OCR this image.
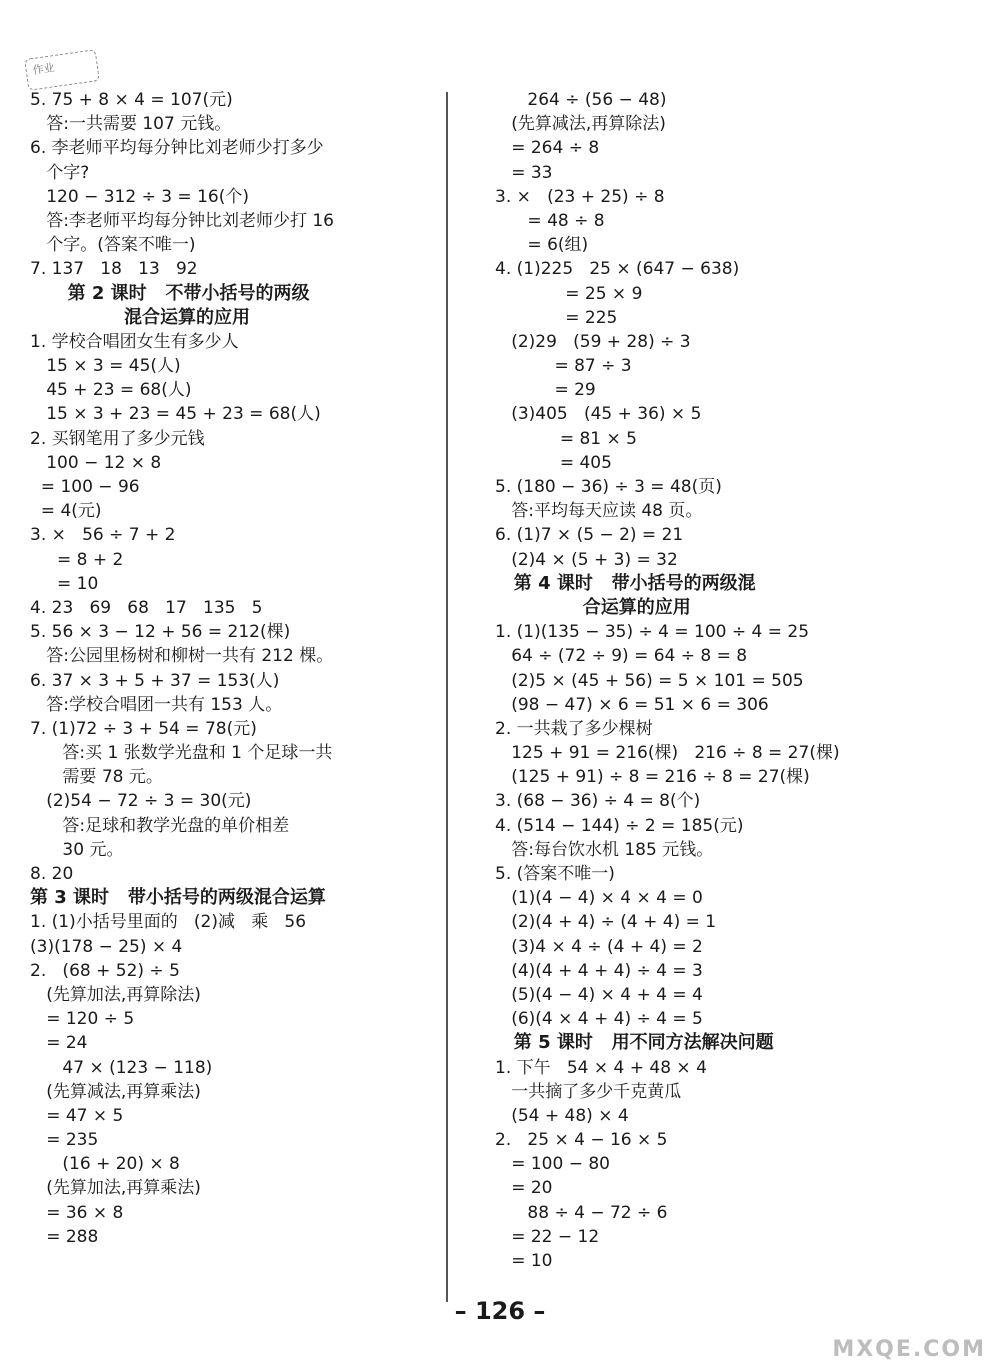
作业
5. 75 + 8 × 4 = 107(元)
答:一共需要 107 元钱。
6. 李老师平均每分钟比刘老师少打多少
个字?
120 − 312 ÷ 3 = 16(个)
答:李老师平均每分钟比刘老师少打 16
个字。(答案不唯一)
7. 137   18   13   92
第 2 课时   不带小括号的两级
混合运算的应用
1. 学校合唱团女生有多少人
15 × 3 = 45(人)
45 + 23 = 68(人)
15 × 3 + 23 = 45 + 23 = 68(人)
2. 买钢笔用了多少元钱
100 − 12 × 8
= 100 − 96
= 4(元)
3. ×   56 ÷ 7 + 2
= 8 + 2
= 10
4. 23   69   68   17   135   5
5. 56 × 3 − 12 + 56 = 212(棵)
答:公园里杨树和柳树一共有 212 棵。
6. 37 × 3 + 5 + 37 = 153(人)
答:学校合唱团一共有 153 人。
7. (1)72 ÷ 3 + 54 = 78(元)
答:买 1 张数学光盘和 1 个足球一共
需要 78 元。
(2)54 − 72 ÷ 3 = 30(元)
答:足球和教学光盘的单价相差
30 元。
8. 20
第 3 课时   带小括号的两级混合运算
1. (1)小括号里面的   (2)减   乘   56
(3)(178 − 25) × 4
2.   (68 + 52) ÷ 5
(先算加法,再算除法)
= 120 ÷ 5
= 24
47 × (123 − 118)
(先算减法,再算乘法)
= 47 × 5
= 235
(16 + 20) × 8
(先算加法,再算乘法)
= 36 × 8
= 288
264 ÷ (56 − 48)
(先算减法,再算除法)
= 264 ÷ 8
= 33
3. ×   (23 + 25) ÷ 8
= 48 ÷ 8
= 6(组)
4. (1)225   25 × (647 − 638)
= 25 × 9
= 225
(2)29   (59 + 28) ÷ 3
= 87 ÷ 3
= 29
(3)405   (45 + 36) × 5
= 81 × 5
= 405
5. (180 − 36) ÷ 3 = 48(页)
答:平均每天应读 48 页。
6. (1)7 × (5 − 2) = 21
(2)4 × (5 + 3) = 32
第 4 课时   带小括号的两级混
合运算的应用
1. (1)(135 − 35) ÷ 4 = 100 ÷ 4 = 25
64 ÷ (72 ÷ 9) = 64 ÷ 8 = 8
(2)5 × (45 + 56) = 5 × 101 = 505
(98 − 47) × 6 = 51 × 6 = 306
2. 一共栽了多少棵树
125 + 91 = 216(棵)   216 ÷ 8 = 27(棵)
(125 + 91) ÷ 8 = 216 ÷ 8 = 27(棵)
3. (68 − 36) ÷ 4 = 8(个)
4. (514 − 144) ÷ 2 = 185(元)
答:每台饮水机 185 元钱。
5. (答案不唯一)
(1)(4 − 4) × 4 × 4 = 0
(2)(4 + 4) ÷ (4 + 4) = 1
(3)4 × 4 ÷ (4 + 4) = 2
(4)(4 + 4 + 4) ÷ 4 = 3
(5)(4 − 4) × 4 + 4 = 4
(6)(4 × 4 + 4) ÷ 4 = 5
第 5 课时   用不同方法解决问题
1. 下午   54 × 4 + 48 × 4
一共摘了多少千克黄瓜
(54 + 48) × 4
2.   25 × 4 − 16 × 5
= 100 − 80
= 20
88 ÷ 4 − 72 ÷ 6
= 22 − 12
= 10
– 126 –
MXQE.COM
